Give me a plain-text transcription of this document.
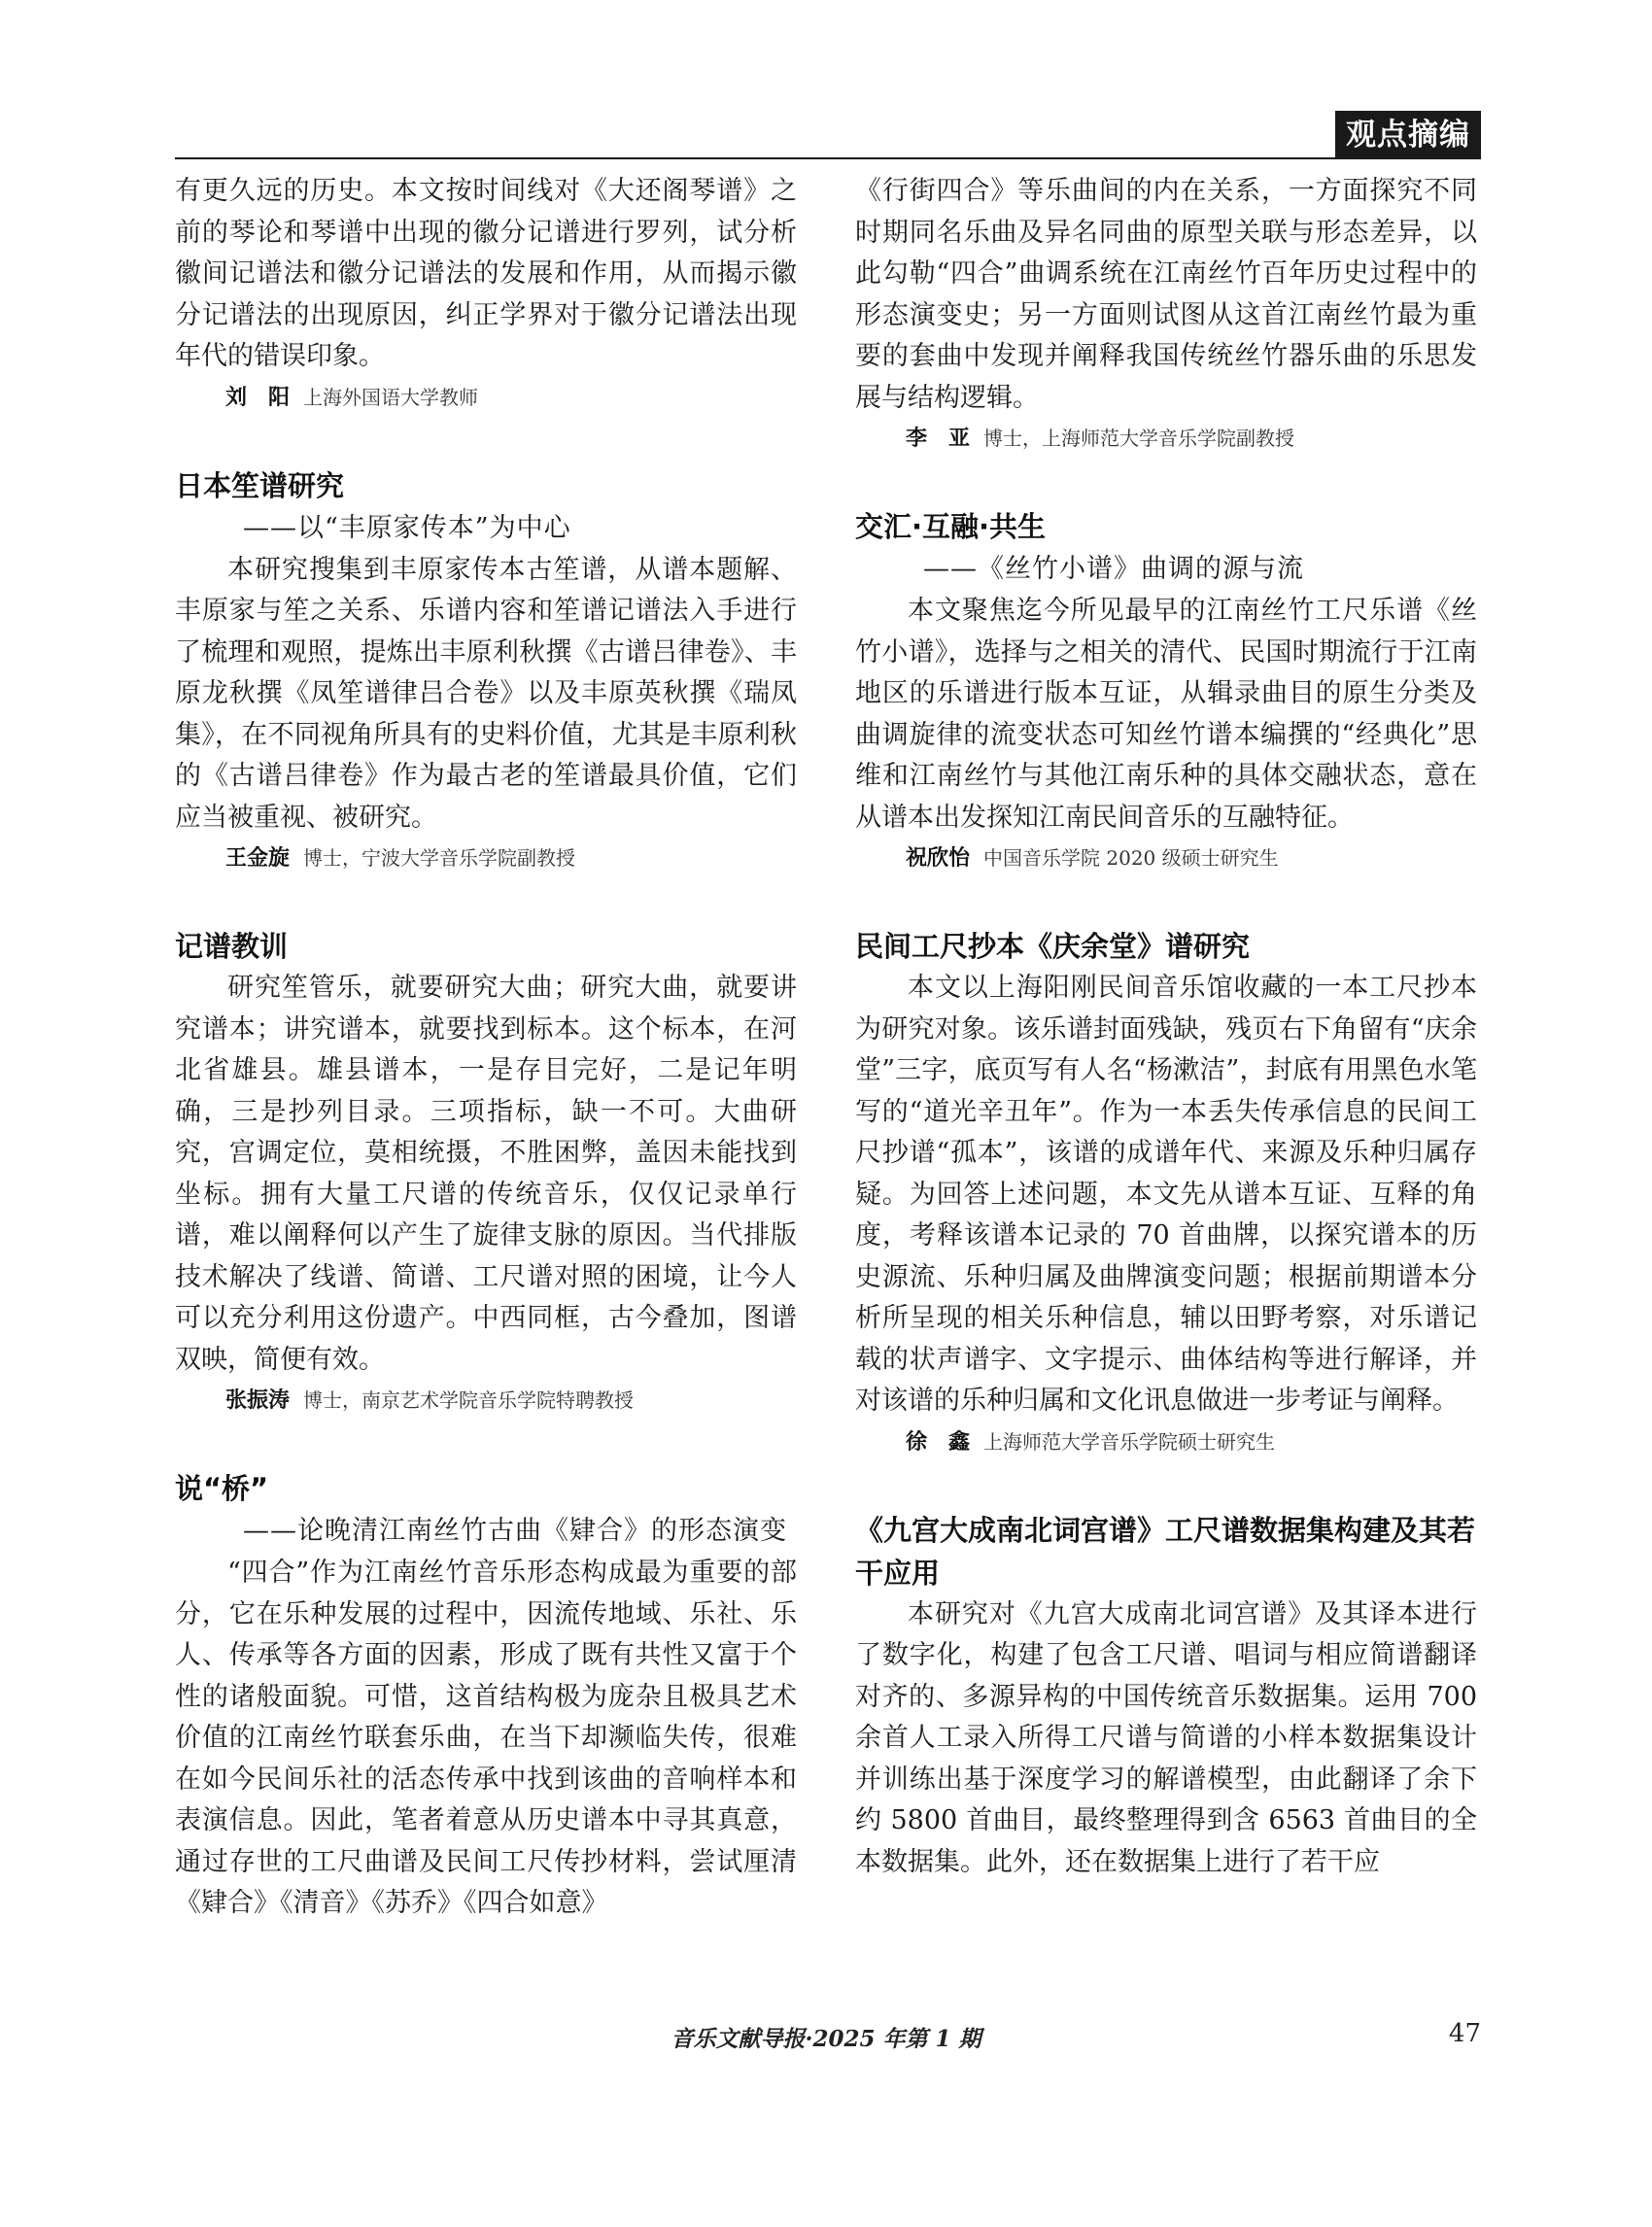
观点摘编

有更久远的历史。本文按时间线对《大还阁琴谱》之前的琴论和琴谱中出现的徽分记谱进行罗列，试分析徽间记谱法和徽分记谱法的发展和作用，从而揭示徽分记谱法的出现原因，纠正学界对于徽分记谱法出现年代的错误印象。

刘　阳 上海外国语大学教师

日本笙谱研究

——以“丰原家传本”为中心

本研究搜集到丰原家传本古笙谱，从谱本题解、丰原家与笙之关系、乐谱内容和笙谱记谱法入手进行了梳理和观照，提炼出丰原利秋撰《古谱吕律卷》、丰原龙秋撰《凤笙谱律吕合卷》以及丰原英秋撰《瑞凤集》，在不同视角所具有的史料价值，尤其是丰原利秋的《古谱吕律卷》作为最古老的笙谱最具价值，它们应当被重视、被研究。

王金旋 博士，宁波大学音乐学院副教授

记谱教训

研究笙管乐，就要研究大曲；研究大曲，就要讲究谱本；讲究谱本，就要找到标本。这个标本，在河北省雄县。雄县谱本，一是存目完好，二是记年明确，三是抄列目录。三项指标，缺一不可。大曲研究，宫调定位，莫相统摄，不胜困弊，盖因未能找到坐标。拥有大量工尺谱的传统音乐，仅仅记录单行谱，难以阐释何以产生了旋律支脉的原因。当代排版技术解决了线谱、简谱、工尺谱对照的困境，让今人可以充分利用这份遗产。中西同框，古今叠加，图谱双映，简便有效。

张振涛 博士，南京艺术学院音乐学院特聘教授

说“桥”

——论晚清江南丝竹古曲《肄合》的形态演变

“四合”作为江南丝竹音乐形态构成最为重要的部分，它在乐种发展的过程中，因流传地域、乐社、乐人、传承等各方面的因素，形成了既有共性又富于个性的诸般面貌。可惜，这首结构极为庞杂且极具艺术价值的江南丝竹联套乐曲，在当下却濒临失传，很难在如今民间乐社的活态传承中找到该曲的音响样本和表演信息。因此，笔者着意从历史谱本中寻其真意，通过存世的工尺曲谱及民间工尺传抄材料，尝试厘清《肄合》《清音》《苏乔》《四合如意》

《行街四合》等乐曲间的内在关系，一方面探究不同时期同名乐曲及异名同曲的原型关联与形态差异，以此勾勒“四合”曲调系统在江南丝竹百年历史过程中的形态演变史；另一方面则试图从这首江南丝竹最为重要的套曲中发现并阐释我国传统丝竹器乐曲的乐思发展与结构逻辑。

李　亚 博士，上海师范大学音乐学院副教授

交汇·互融·共生

——《丝竹小谱》曲调的源与流

本文聚焦迄今所见最早的江南丝竹工尺乐谱《丝竹小谱》，选择与之相关的清代、民国时期流行于江南地区的乐谱进行版本互证，从辑录曲目的原生分类及曲调旋律的流变状态可知丝竹谱本编撰的“经典化”思维和江南丝竹与其他江南乐种的具体交融状态，意在从谱本出发探知江南民间音乐的互融特征。

祝欣怡 中国音乐学院 2020 级硕士研究生

民间工尺抄本《庆余堂》谱研究

本文以上海阳刚民间音乐馆收藏的一本工尺抄本为研究对象。该乐谱封面残缺，残页右下角留有“庆余堂”三字，底页写有人名“杨漱洁”，封底有用黑色水笔写的“道光辛丑年”。作为一本丢失传承信息的民间工尺抄谱“孤本”，该谱的成谱年代、来源及乐种归属存疑。为回答上述问题，本文先从谱本互证、互释的角度，考释该谱本记录的 70 首曲牌，以探究谱本的历史源流、乐种归属及曲牌演变问题；根据前期谱本分析所呈现的相关乐种信息，辅以田野考察，对乐谱记载的状声谱字、文字提示、曲体结构等进行解译，并对该谱的乐种归属和文化讯息做进一步考证与阐释。

徐　鑫 上海师范大学音乐学院硕士研究生

《九宫大成南北词宫谱》工尺谱数据集构建及其若干应用

本研究对《九宫大成南北词宫谱》及其译本进行了数字化，构建了包含工尺谱、唱词与相应简谱翻译对齐的、多源异构的中国传统音乐数据集。运用 700 余首人工录入所得工尺谱与简谱的小样本数据集设计并训练出基于深度学习的解谱模型，由此翻译了余下约 5800 首曲目，最终整理得到含 6563 首曲目的全本数据集。此外，还在数据集上进行了若干应

音乐文献导报·2025 年第 1 期	47
